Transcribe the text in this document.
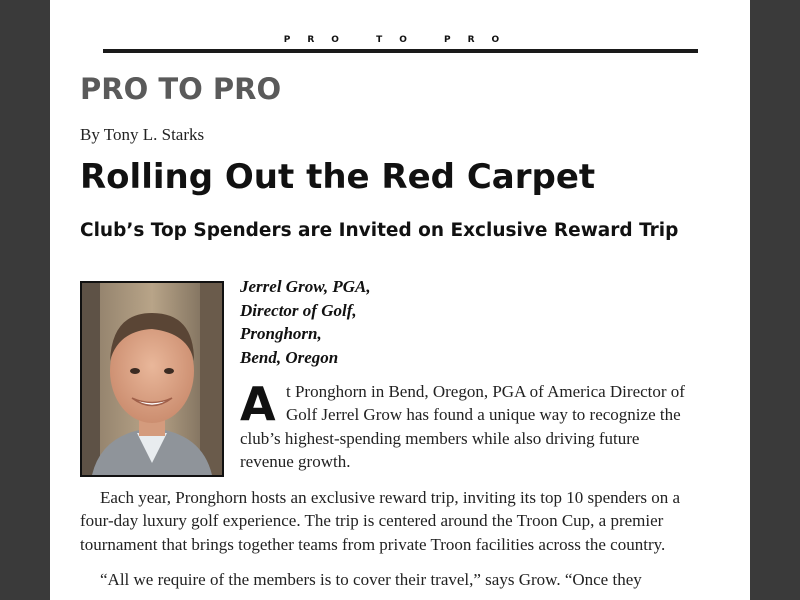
PRO TO PRO
PRO TO PRO
By Tony L. Starks
Rolling Out the Red Carpet
Club’s Top Spenders are Invited on Exclusive Reward Trip
Jerrel Grow, PGA,
Director of Golf,
Pronghorn,
Bend, Oregon
A t Pronghorn in Bend, Oregon, PGA of America Director of
Golf Jerrel Grow has found a unique way to recognize the
club’s highest-spending members while also driving future
revenue growth.
Each year, Pronghorn hosts an exclusive reward trip, inviting its top 10 spenders on a
four-day luxury golf experience. The trip is centered around the Troon Cup, a premier
tournament that brings together teams from private Troon facilities across the country.
“All we require of the members is to cover their travel,” says Grow. “Once they
